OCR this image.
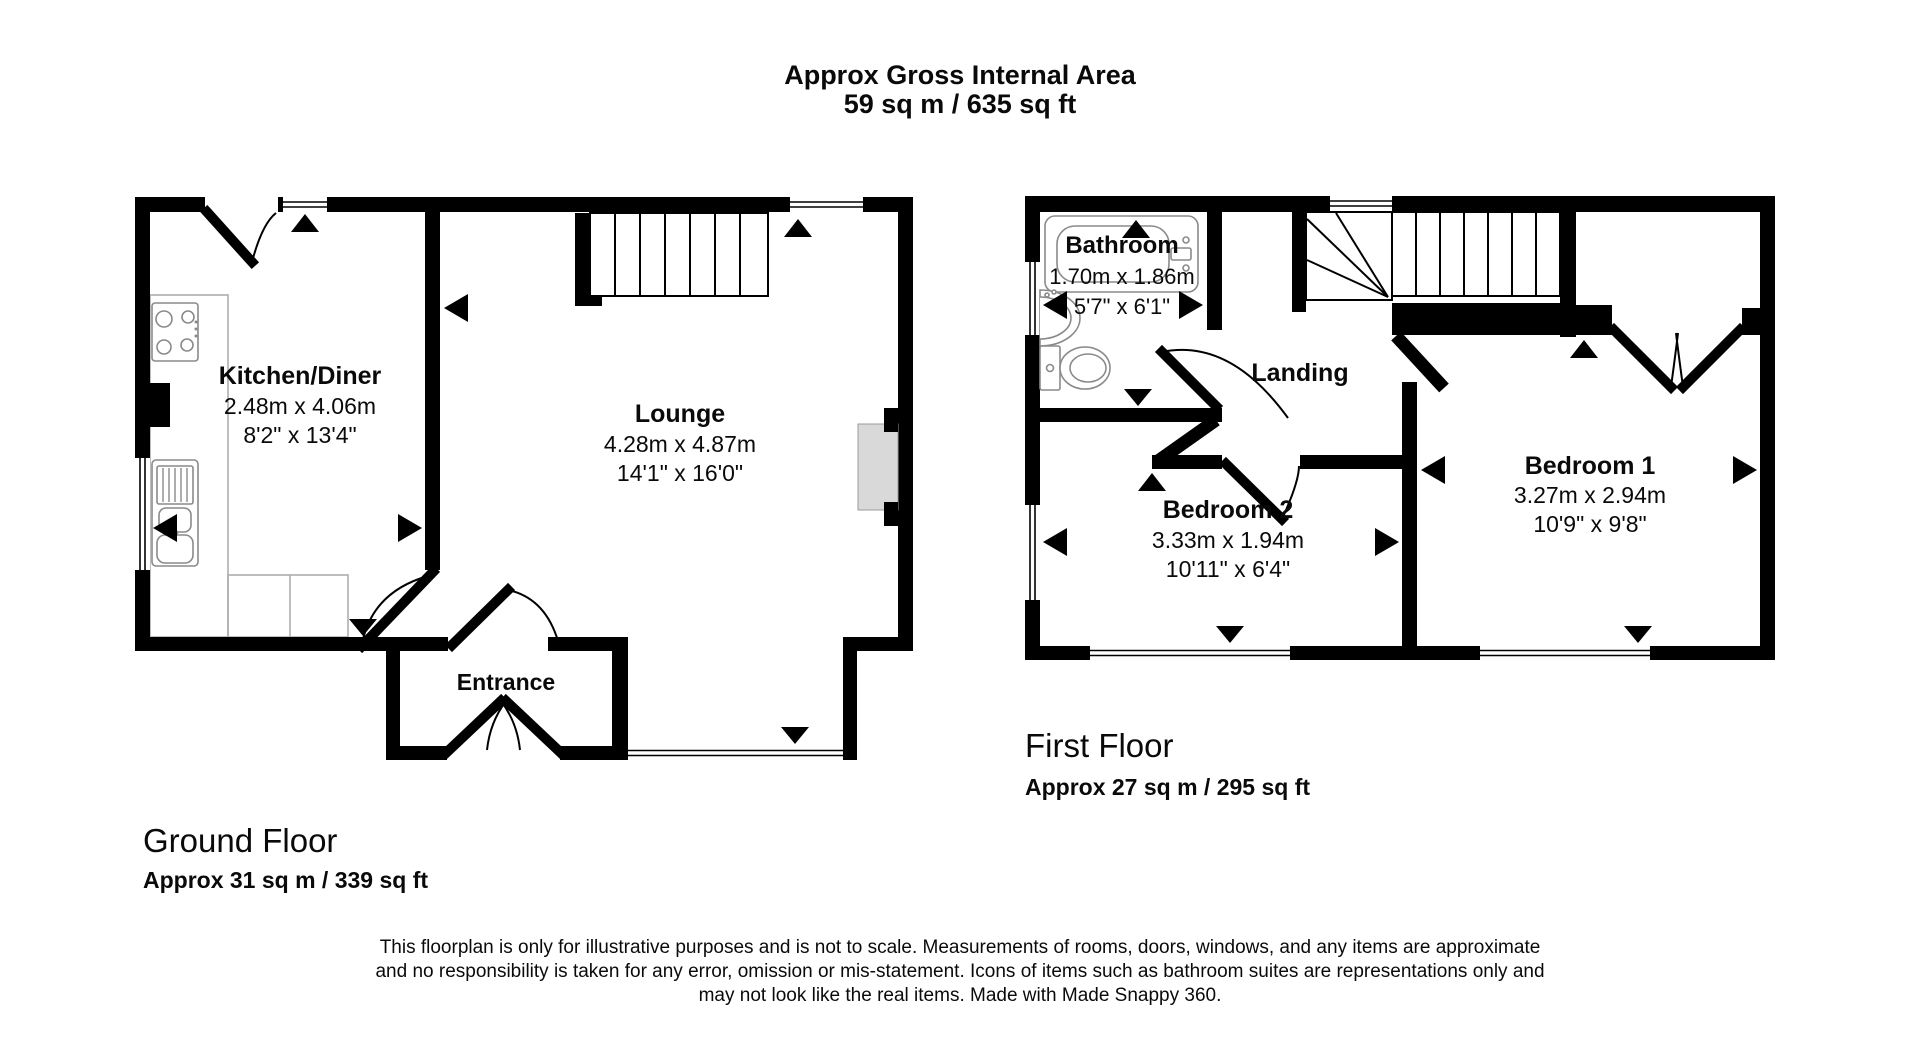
Approx Gross Internal Area
59 sq m / 635 sq ft
Kitchen/Diner
2.48m x 4.06m
8'2" x 13'4"
Lounge
4.28m x 4.87m
14'1" x 16'0"
Entrance
Ground Floor
Approx 31 sq m / 339 sq ft
Bathroom
1.70m x 1.86m
5'7" x 6'1"
Landing
Bedroom 2
3.33m x 1.94m
10'11" x 6'4"
Bedroom 1
3.27m x 2.94m
10'9" x 9'8"
First Floor
Approx 27 sq m / 295 sq ft
This floorplan is only for illustrative purposes and is not to scale. Measurements of rooms, doors, windows, and any items are approximate
and no responsibility is taken for any error, omission or mis-statement. Icons of items such as bathroom suites are representations only and
may not look like the real items. Made with Made Snappy 360.
